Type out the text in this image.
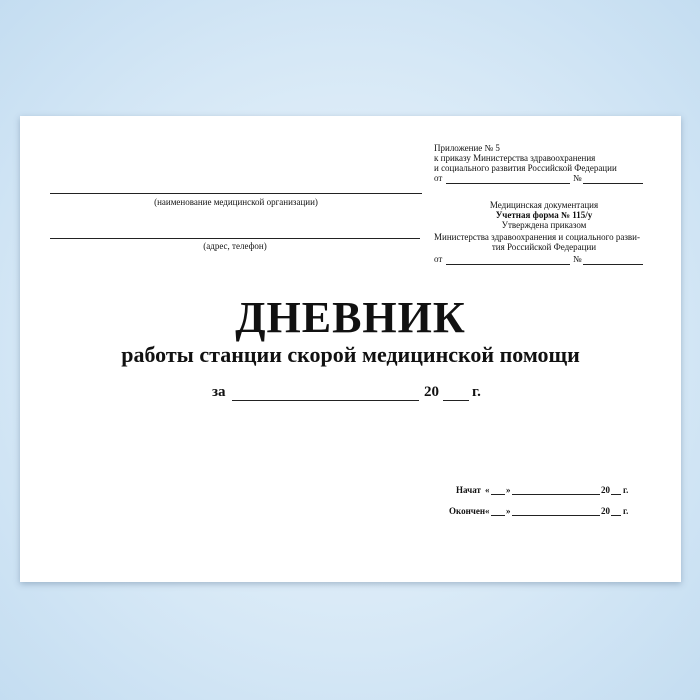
Приложение № 5
к приказу Министерства здравоохранения
и социального развития Российской Федерации
от	№
Медицинская документация
Учетная форма № 115/у
Утверждена приказом
Министерства здравоохранения и социального разви-
тия Российской Федерации
от	№
(наименование медицинской организации)
(адрес, телефон)
ДНЕВНИК
работы станции скорой медицинской помощи
за	20 г.
Начат « »	20 г.
Окончен « »	20 г.
